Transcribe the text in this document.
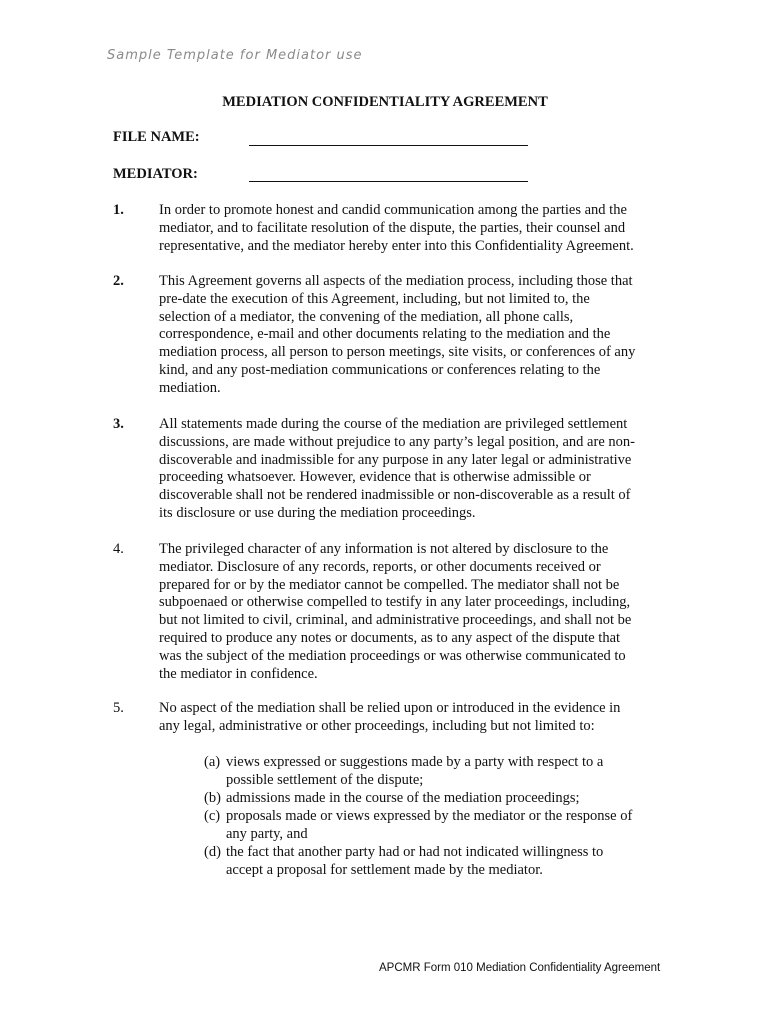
Sample Template for Mediator use
MEDIATION CONFIDENTIALITY AGREEMENT
FILE NAME:
MEDIATOR:
1. In order to promote honest and candid communication among the parties and the
mediator, and to facilitate resolution of the dispute, the parties, their counsel and
representative, and the mediator hereby enter into this Confidentiality Agreement.
2. This Agreement governs all aspects of the mediation process, including those that
pre-date the execution of this Agreement, including, but not limited to, the
selection of a mediator, the convening of the mediation, all phone calls,
correspondence, e-mail and other documents relating to the mediation and the
mediation process, all person to person meetings, site visits, or conferences of any
kind, and any post-mediation communications or conferences relating to the
mediation.
3. All statements made during the course of the mediation are privileged settlement
discussions, are made without prejudice to any party’s legal position, and are non-
discoverable and inadmissible for any purpose in any later legal or administrative
proceeding whatsoever. However, evidence that is otherwise admissible or
discoverable shall not be rendered inadmissible or non-discoverable as a result of
its disclosure or use during the mediation proceedings.
4. The privileged character of any information is not altered by disclosure to the
mediator. Disclosure of any records, reports, or other documents received or
prepared for or by the mediator cannot be compelled. The mediator shall not be
subpoenaed or otherwise compelled to testify in any later proceedings, including,
but not limited to civil, criminal, and administrative proceedings, and shall not be
required to produce any notes or documents, as to any aspect of the dispute that
was the subject of the mediation proceedings or was otherwise communicated to
the mediator in confidence.
5. No aspect of the mediation shall be relied upon or introduced in the evidence in
any legal, administrative or other proceedings, including but not limited to:
(a) views expressed or suggestions made by a party with respect to a
possible settlement of the dispute;
(b) admissions made in the course of the mediation proceedings;
(c) proposals made or views expressed by the mediator or the response of
any party, and
(d) the fact that another party had or had not indicated willingness to
accept a proposal for settlement made by the mediator.
APCMR Form 010 Mediation Confidentiality Agreement
